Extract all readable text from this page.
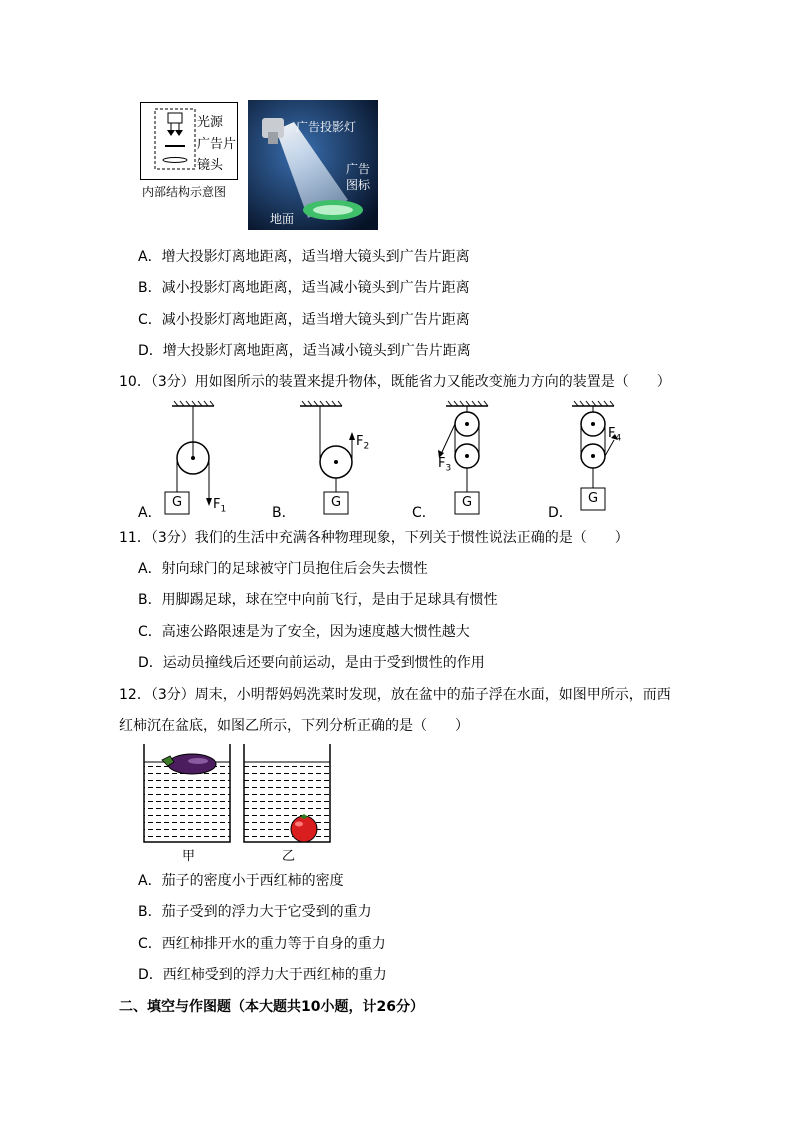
光源
广告片
镜头
内部结构示意图
广告投影灯
广告
图标
地面
A．增大投影灯离地距离，适当增大镜头到广告片距离
B．减小投影灯离地距离，适当减小镜头到广告片距离
C．减小投影灯离地距离，适当增大镜头到广告片距离
D．增大投影灯离地距离，适当减小镜头到广告片距离
10．（3分）用如图所示的装置来提升物体，既能省力又能改变施力方向的装置是（　　）
G	G	G	G
$F_1$
$F_2$
$F_3$
$F_4$
A．	B．	C．	D．
11．（3分）我们的生活中充满各种物理现象，下列关于惯性说法正确的是（　　）
A．射向球门的足球被守门员抱住后会失去惯性
B．用脚踢足球，球在空中向前飞行，是由于足球具有惯性
C．高速公路限速是为了安全，因为速度越大惯性越大
D．运动员撞线后还要向前运动，是由于受到惯性的作用
12．（3分）周末，小明帮妈妈洗菜时发现，放在盆中的茄子浮在水面，如图甲所示，而西
红柿沉在盆底，如图乙所示，下列分析正确的是（　　）
甲	乙
A．茄子的密度小于西红柿的密度
B．茄子受到的浮力大于它受到的重力
C．西红柿排开水的重力等于自身的重力
D．西红柿受到的浮力大于西红柿的重力
二、填空与作图题（本大题共10小题，计26分）
